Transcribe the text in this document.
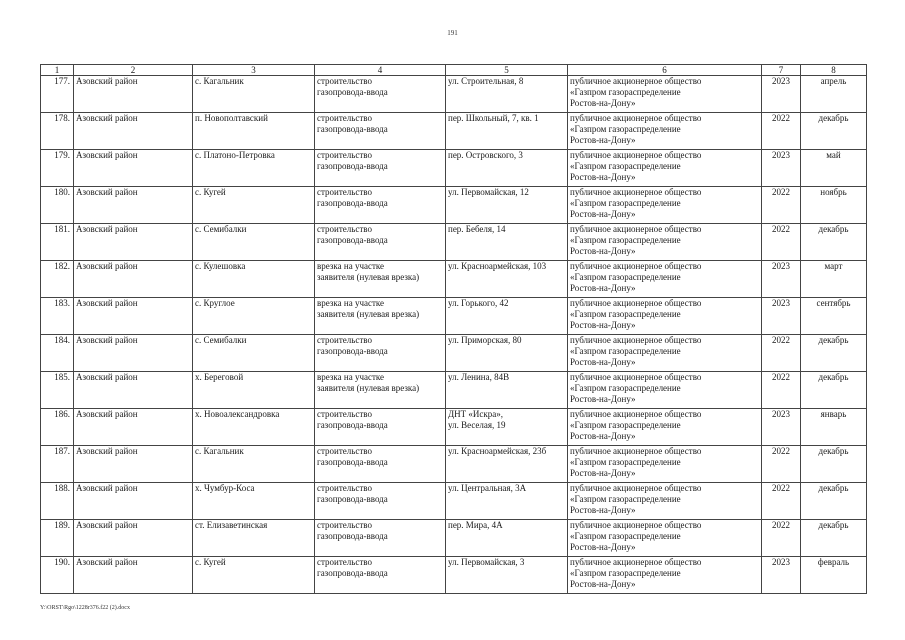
191
1	2	3	4	5	6	7	8
177.	Азовский район	с. Кагальник	строительство
газопровода-ввода	ул. Строительная, 8	публичное акционерное общество
«Газпром газораспределение
Ростов-на-Дону»	2023	апрель
178.	Азовский район	п. Новополтавский	строительство
газопровода-ввода	пер. Школьный, 7, кв. 1	публичное акционерное общество
«Газпром газораспределение
Ростов-на-Дону»	2022	декабрь
179.	Азовский район	с. Платоно-Петровка	строительство
газопровода-ввода	пер. Островского, 3	публичное акционерное общество
«Газпром газораспределение
Ростов-на-Дону»	2023	май
180.	Азовский район	с. Кугей	строительство
газопровода-ввода	ул. Первомайская, 12	публичное акционерное общество
«Газпром газораспределение
Ростов-на-Дону»	2022	ноябрь
181.	Азовский район	с. Семибалки	строительство
газопровода-ввода	пер. Бебеля, 14	публичное акционерное общество
«Газпром газораспределение
Ростов-на-Дону»	2022	декабрь
182.	Азовский район	с. Кулешовка	врезка на участке
заявителя (нулевая врезка)	ул. Красноармейская, 103	публичное акционерное общество
«Газпром газораспределение
Ростов-на-Дону»	2023	март
183.	Азовский район	с. Круглое	врезка на участке
заявителя (нулевая врезка)	ул. Горького, 42	публичное акционерное общество
«Газпром газораспределение
Ростов-на-Дону»	2023	сентябрь
184.	Азовский район	с. Семибалки	строительство
газопровода-ввода	ул. Приморская, 80	публичное акционерное общество
«Газпром газораспределение
Ростов-на-Дону»	2022	декабрь
185.	Азовский район	х. Береговой	врезка на участке
заявителя (нулевая врезка)	ул. Ленина, 84В	публичное акционерное общество
«Газпром газораспределение
Ростов-на-Дону»	2022	декабрь
186.	Азовский район	х. Новоалександровка	строительство
газопровода-ввода	ДНТ «Искра»,
ул. Веселая, 19	публичное акционерное общество
«Газпром газораспределение
Ростов-на-Дону»	2023	январь
187.	Азовский район	с. Кагальник	строительство
газопровода-ввода	ул. Красноармейская, 23б	публичное акционерное общество
«Газпром газораспределение
Ростов-на-Дону»	2022	декабрь
188.	Азовский район	х. Чумбур-Коса	строительство
газопровода-ввода	ул. Центральная, 3А	публичное акционерное общество
«Газпром газораспределение
Ростов-на-Дону»	2022	декабрь
189.	Азовский район	ст. Елизаветинская	строительство
газопровода-ввода	пер. Мира, 4А	публичное акционерное общество
«Газпром газораспределение
Ростов-на-Дону»	2022	декабрь
190.	Азовский район	с. Кугей	строительство
газопровода-ввода	ул. Первомайская, 3	публичное акционерное общество
«Газпром газораспределение
Ростов-на-Дону»	2023	февраль
Y:\ORST\Rgo\1228r376.f22 (2).docx
